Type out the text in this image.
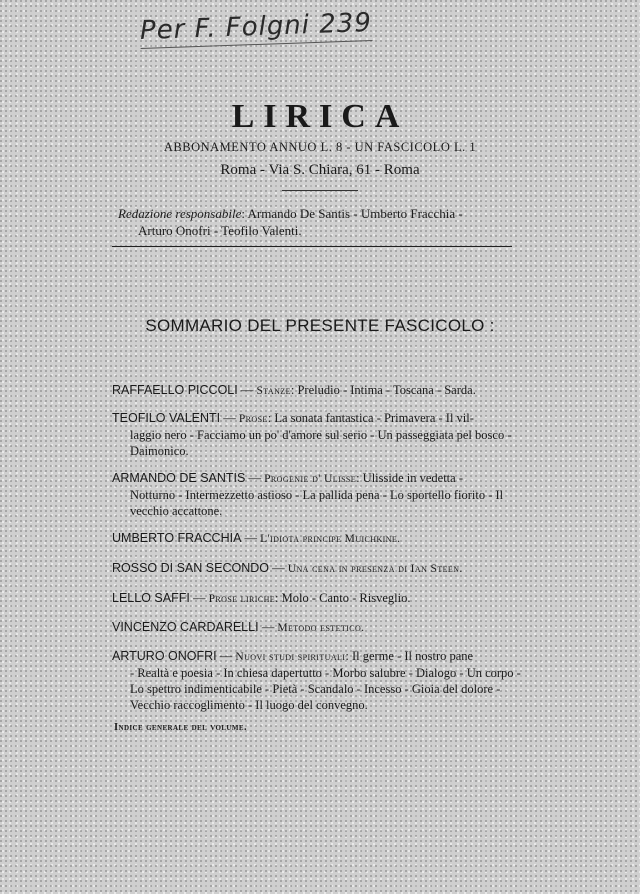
Per F. Folgni 239
LIRICA
ABBONAMENTO ANNUO L. 8 - UN FASCICOLO L. 1
Roma - Via S. Chiara, 61 - Roma
Redazione responsabile: Armando De Santis - Umberto Fracchia -
Arturo Onofri - Teofilo Valenti.
SOMMARIO DEL PRESENTE FASCICOLO :
RAFFAELLO PICCOLI — Stanze: Preludio - Intima - Toscana - Sarda.
TEOFILO VALENTI — Prose: La sonata fantastica - Primavera - Il vil-
laggio nero - Facciamo un po' d'amore sul serio - Un passeggiata pel bosco - Daimonico.
ARMANDO DE SANTIS — Progenie d' Ulisse: Ulisside in vedetta -
Notturno - Intermezzetto astioso - La pallida pena - Lo sportello fiorito - Il vecchio accattone.
UMBERTO FRACCHIA — L'idiota principe Muichkine.
ROSSO DI SAN SECONDO — Una cena in presenza di Ian Steen.
LELLO SAFFI — Prose liriche: Molo - Canto - Risveglio.
VINCENZO CARDARELLI — Metodo estetico.
ARTURO ONOFRI — Nuovi studi spirituali: Il germe - Il nostro pane
- Realtà e poesia - In chiesa dapertutto - Morbo salubre - Dialogo - Un corpo - Lo spettro indimenticabile - Pietà - Scandalo - Incesso - Gioia del dolore - Vecchio raccoglimento - Il luogo del convegno.
Indice generale del volume.
